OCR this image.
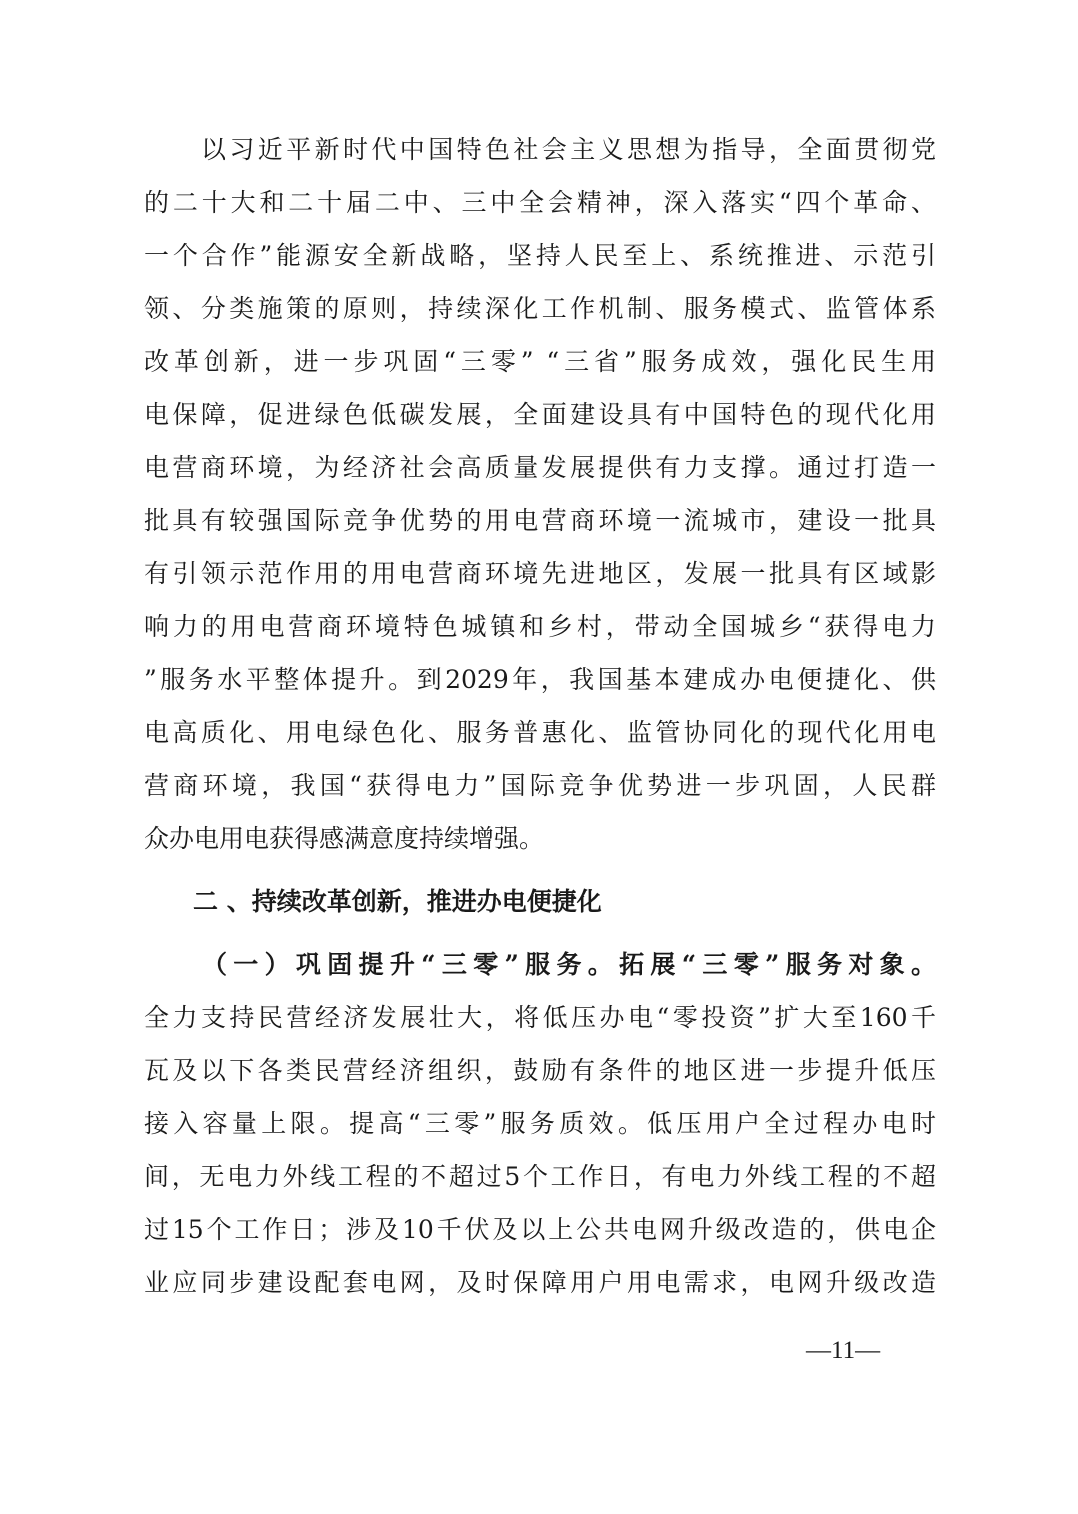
以习近平新时代中国特色社会主义思想为指导，全面贯彻党
的二十大和二十届二中、三中全会精神，深入落实“四个革命、
一个合作”能源安全新战略，坚持人民至上、系统推进、示范引
领、分类施策的原则，持续深化工作机制、服务模式、监管体系
改革创新，进一步巩固“三零” “三省”服务成效，强化民生用
电保障，促进绿色低碳发展，全面建设具有中国特色的现代化用
电营商环境，为经济社会高质量发展提供有力支撑。通过打造一
批具有较强国际竞争优势的用电营商环境一流城市，建设一批具
有引领示范作用的用电营商环境先进地区，发展一批具有区域影
响力的用电营商环境特色城镇和乡村，带动全国城乡“获得电力
”服务水平整体提升。到2029年，我国基本建成办电便捷化、供
电高质化、用电绿色化、服务普惠化、监管协同化的现代化用电
营商环境，我国“获得电力”国际竞争优势进一步巩固，人民群
众办电用电获得感满意度持续增强。
二 、持续改革创新，推进办电便捷化
（一）巩固提升“三零”服务。拓展“三零”服务对象。
全力支持民营经济发展壮大，将低压办电“零投资”扩大至160千
瓦及以下各类民营经济组织，鼓励有条件的地区进一步提升低压
接入容量上限。提高“三零”服务质效。低压用户全过程办电时
间，无电力外线工程的不超过5个工作日，有电力外线工程的不超
过15个工作日；涉及10千伏及以上公共电网升级改造的，供电企
业应同步建设配套电网，及时保障用户用电需求，电网升级改造
—11—
